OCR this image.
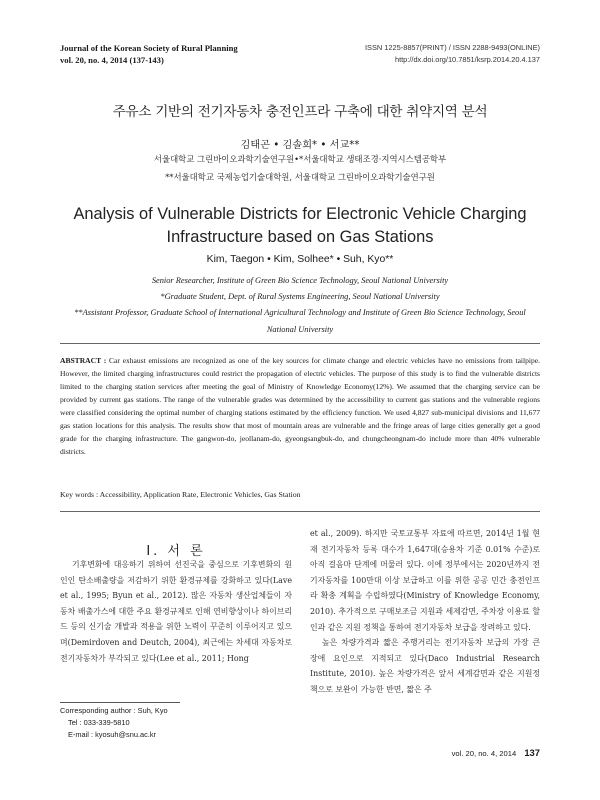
Journal of the Korean Society of Rural Planning
vol. 20, no. 4, 2014 (137-143)
ISSN 1225-8857(PRINT) / ISSN 2288-9493(ONLINE)
http://dx.doi.org/10.7851/ksrp.2014.20.4.137
주유소 기반의 전기자동차 충전인프라 구축에 대한 취약지역 분석
김태곤 • 김솔희* • 서교**
서울대학교 그린바이오과학기술연구원•*서울대학교 생태조경·지역시스템공학부
**서울대학교 국제농업기술대학원, 서울대학교 그린바이오과학기술연구원
Analysis of Vulnerable Districts for Electronic Vehicle Charging
Infrastructure based on Gas Stations
Kim, Taegon • Kim, Solhee* • Suh, Kyo**
Senior Researcher, Institute of Green Bio Science Technology, Seoul National University
*Graduate Student, Dept. of Rural Systems Engineering, Seoul National University
**Assistant Professor, Graduate School of International Agricultural Technology and Institute of Green Bio Science Technology, Seoul National University
ABSTRACT : Car exhaust emissions are recognized as one of the key sources for climate change and electric vehicles have no emissions from tailpipe. However, the limited charging infrastructures could restrict the propagation of electric vehicles. The purpose of this study is to find the vulnerable districts limited to the charging station services after meeting the goal of Ministry of Knowledge Economy(12%). We assumed that the charging service can be provided by current gas stations. The range of the vulnerable grades was determined by the accessibility to current gas stations and the vulnerable regions were classified considering the optimal number of charging stations estimated by the efficiency function. We used 4,827 sub-municipal divisions and 11,677 gas station locations for this analysis. The results show that most of mountain areas are vulnerable and the fringe areas of large cities generally get a good grade for the charging infrastructure. The gangwon-do, jeollanam-do, gyeongsangbuk-do, and chungcheongnam-do include more than 40% vulnerable districts.
Key words : Accessibility, Application Rate, Electronic Vehicles, Gas Station
Ⅰ. 서 론
기후변화에 대응하기 위하여 선진국을 중심으로 기후변화의 원인인 탄소배출량을 저감하기 위한 환경규제를 강화하고 있다(Lave et al., 1995; Byun et al., 2012). 많은 자동차 생산업체들이 자동차 배출가스에 대한 주요 환경규제로 인해 연비향상이나 하이브리드 등의 신기술 개발과 적용을 위한 노력이 꾸준히 이루어지고 있으며(Demirdoven and Deutch, 2004), 최근에는 차세대 자동차로 전기자동차가 부각되고 있다(Lee et al., 2011; Hong

et al., 2009). 하지만 국토교통부 자료에 따르면, 2014년 1월 현재 전기자동차 등록 대수가 1,647대(승용차 기준 0.01% 수준)로 아직 걸음마 단계에 머물러 있다. 이에 정부에서는 2020년까지 전기자동차를 100만대 이상 보급하고 이를 위한 공공 민간 충전인프라 확충 계획을 수립하였다(Ministry of Knowledge Economy, 2010). 추가적으로 구매보조금 지원과 세제감면, 주차장 이용료 할인과 같은 지원 정책을 통하여 전기자동차 보급을 장려하고 있다.

높은 차량가격과 짧은 주행거리는 전기자동차 보급의 가장 큰 장애 요인으로 지적되고 있다(Daco Industrial Research Institute, 2010). 높은 차량가격은 앞서 세계감면과 같은 지원정책으로 보완이 가능한 반면, 짧은 주

Corresponding author : Suh, Kyo
Tel : 033-339-5810
E-mail : kyosuh@snu.ac.kr
vol. 20, no. 4, 2014 137
